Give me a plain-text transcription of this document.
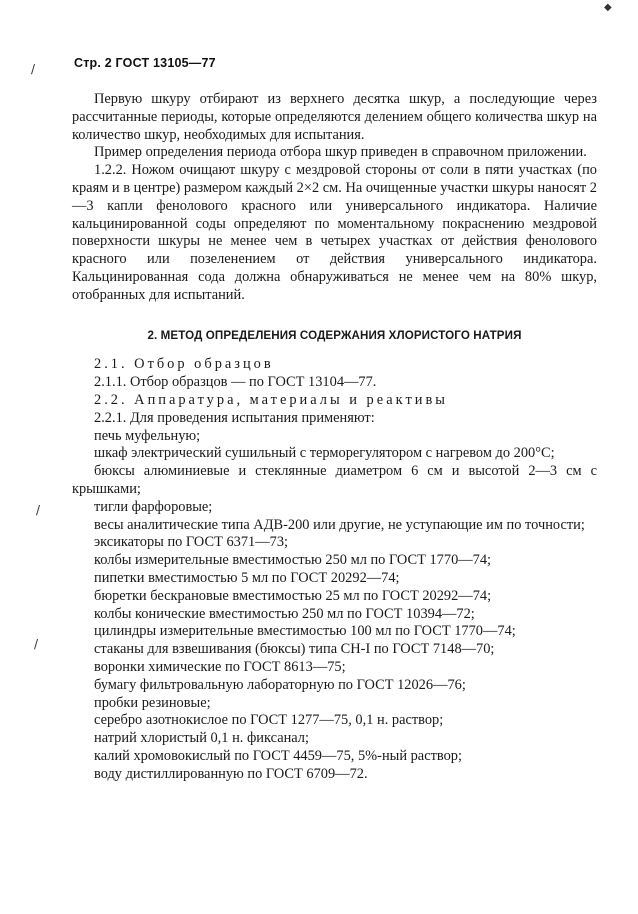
Стр. 2 ГОСТ 13105—77
/
/
/
◆

Первую шкуру отбирают из верхнего десятка шкур, а последующие через рассчитанные периоды, которые определяются делением общего количества шкур на количество шкур, необходимых для испытания.

Пример определения периода отбора шкур приведен в справочном приложении.

1.2.2. Ножом очищают шкуру с мездровой стороны от соли в пяти участках (по краям и в центре) размером каждый 2×2 см. На очищенные участки шкуры наносят 2—3 капли фенолового красного или универсального индикатора. Наличие кальцинированной соды определяют по моментальному покраснению мездровой поверхности шкуры не менее чем в четырех участках от действия фенолового красного или позеленением от действия универсального индикатора. Кальцинированная сода должна обнаруживаться не менее чем на 80% шкур, отобранных для испытаний.

2. МЕТОД ОПРЕДЕЛЕНИЯ СОДЕРЖАНИЯ ХЛОРИСТОГО НАТРИЯ

2.1. Отбор образцов

2.1.1. Отбор образцов — по ГОСТ 13104—77.

2.2. Аппаратура, материалы и реактивы

2.2.1. Для проведения испытания применяют:

печь муфельную;

шкаф электрический сушильный с терморегулятором с нагревом до 200°С;

бюксы алюминиевые и стеклянные диаметром 6 см и высотой 2—3 см с крышками;

тигли фарфоровые;

весы аналитические типа АДВ-200 или другие, не уступающие им по точности;

эксикаторы по ГОСТ 6371—73;

колбы измерительные вместимостью 250 мл по ГОСТ 1770—74;

пипетки вместимостью 5 мл по ГОСТ 20292—74;

бюретки бескрановые вместимостью 25 мл по ГОСТ 20292—74;

колбы конические вместимостью 250 мл по ГОСТ 10394—72;

цилиндры измерительные вместимостью 100 мл по ГОСТ 1770—74;

стаканы для взвешивания (бюксы) типа СН-I по ГОСТ 7148—70;

воронки химические по ГОСТ 8613—75;

бумагу фильтровальную лабораторную по ГОСТ 12026—76;

пробки резиновые;

серебро азотнокислое по ГОСТ 1277—75, 0,1 н. раствор;

натрий хлористый 0,1 н. фиксанал;

калий хромовокислый по ГОСТ 4459—75, 5%-ный раствор;

воду дистиллированную по ГОСТ 6709—72.
